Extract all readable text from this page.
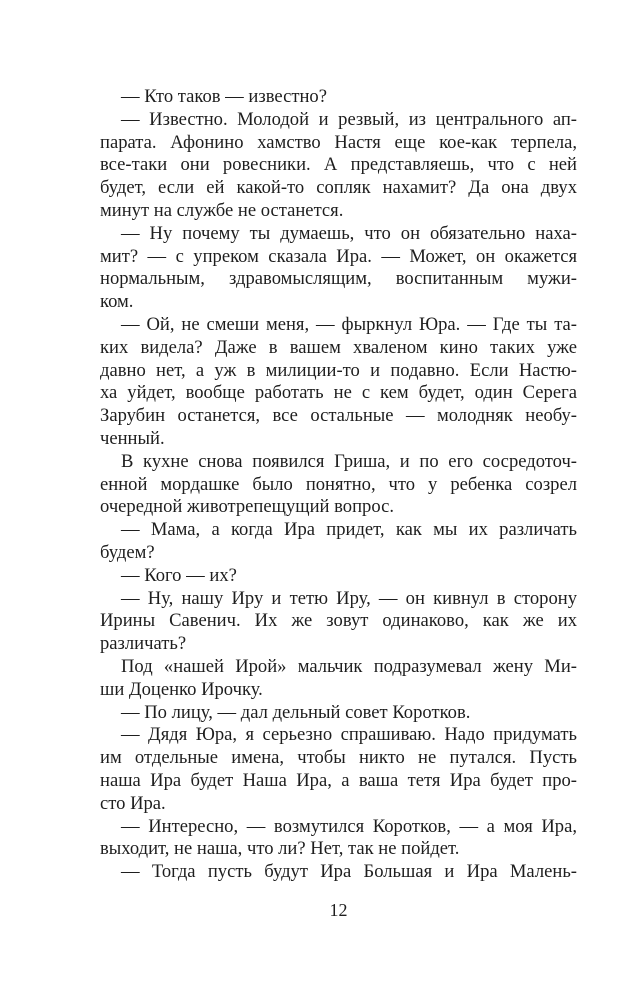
— Кто таков — известно?
— Известно. Молодой и резвый, из центрального ап-
парата. Афонино хамство Настя еще кое-как терпела,
все-таки они ровесники. А представляешь, что с ней
будет, если ей какой-то сопляк нахамит? Да она двух
минут на службе не останется.
— Ну почему ты думаешь, что он обязательно наха-
мит? — с упреком сказала Ира. — Может, он окажется
нормальным, здравомыслящим, воспитанным мужи-
ком.
— Ой, не смеши меня, — фыркнул Юра. — Где ты та-
ких видела? Даже в вашем хваленом кино таких уже
давно нет, а уж в милиции-то и подавно. Если Настю-
ха уйдет, вообще работать не с кем будет, один Серега
Зарубин останется, все остальные — молодняк необу-
ченный.
В кухне снова появился Гриша, и по его сосредоточ-
енной мордашке было понятно, что у ребенка созрел
очередной животрепещущий вопрос.
— Мама, а когда Ира придет, как мы их различать
будем?
— Кого — их?
— Ну, нашу Иру и тетю Иру, — он кивнул в сторону
Ирины Савенич. Их же зовут одинаково, как же их
различать?
Под «нашей Ирой» мальчик подразумевал жену Ми-
ши Доценко Ирочку.
— По лицу, — дал дельный совет Коротков.
— Дядя Юра, я серьезно спрашиваю. Надо придумать
им отдельные имена, чтобы никто не путался. Пусть
наша Ира будет Наша Ира, а ваша тетя Ира будет про-
сто Ира.
— Интересно, — возмутился Коротков, — а моя Ира,
выходит, не наша, что ли? Нет, так не пойдет.
— Тогда пусть будут Ира Большая и Ира Малень-
12
